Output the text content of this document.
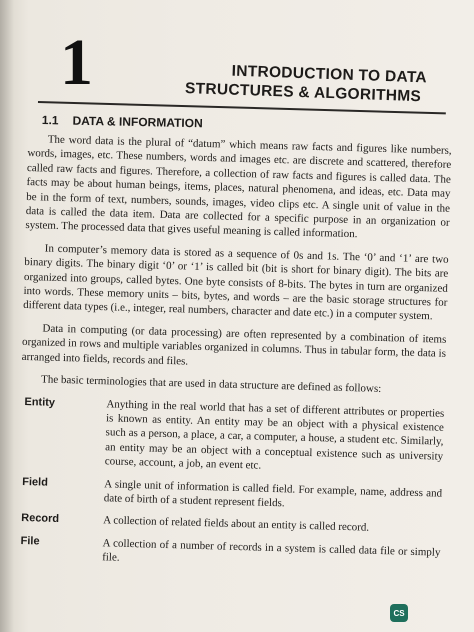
1	INTRODUCTION TO DATA
STRUCTURES & ALGORITHMS
1.1 DATA & INFORMATION

The word data is the plural of “datum” which means raw facts and figures like numbers, words, images, etc. These numbers, words and images etc. are discrete and scattered, therefore called raw facts and figures. Therefore, a collection of raw facts and figures is called data. The facts may be about human beings, items, places, natural phenomena, and ideas, etc. Data may be in the form of text, numbers, sounds, images, video clips etc. A single unit of value in the data is called the data item. Data are collected for a specific purpose in an organization or system. The processed data that gives useful meaning is called information.

In computer’s memory data is stored as a sequence of 0s and 1s. The ‘0’ and ‘1’ are two binary digits. The binary digit ‘0’ or ‘1’ is called bit (bit is short for binary digit). The bits are organized into groups, called bytes. One byte consists of 8-bits. The bytes in turn are organized into words. These memory units – bits, bytes, and words – are the basic storage structures for different data types (i.e., integer, real numbers, character and date etc.) in a computer system.

Data in computing (or data processing) are often represented by a combination of items organized in rows and multiple variables organized in columns. Thus in tabular form, the data is arranged into fields, records and files.

The basic terminologies that are used in data structure are defined as follows:

Entity	Anything in the real world that has a set of different attributes or properties is known as entity. An entity may be an object with a physical existence such as a person, a place, a car, a computer, a house, a student etc. Similarly, an entity may be an object with a conceptual existence such as university course, account, a job, an event etc.
Field	A single unit of information is called field. For example, name, address and date of birth of a student represent fields.
Record	A collection of related fields about an entity is called record.
File	A collection of a number of records in a system is called data file or simply file.
CS
